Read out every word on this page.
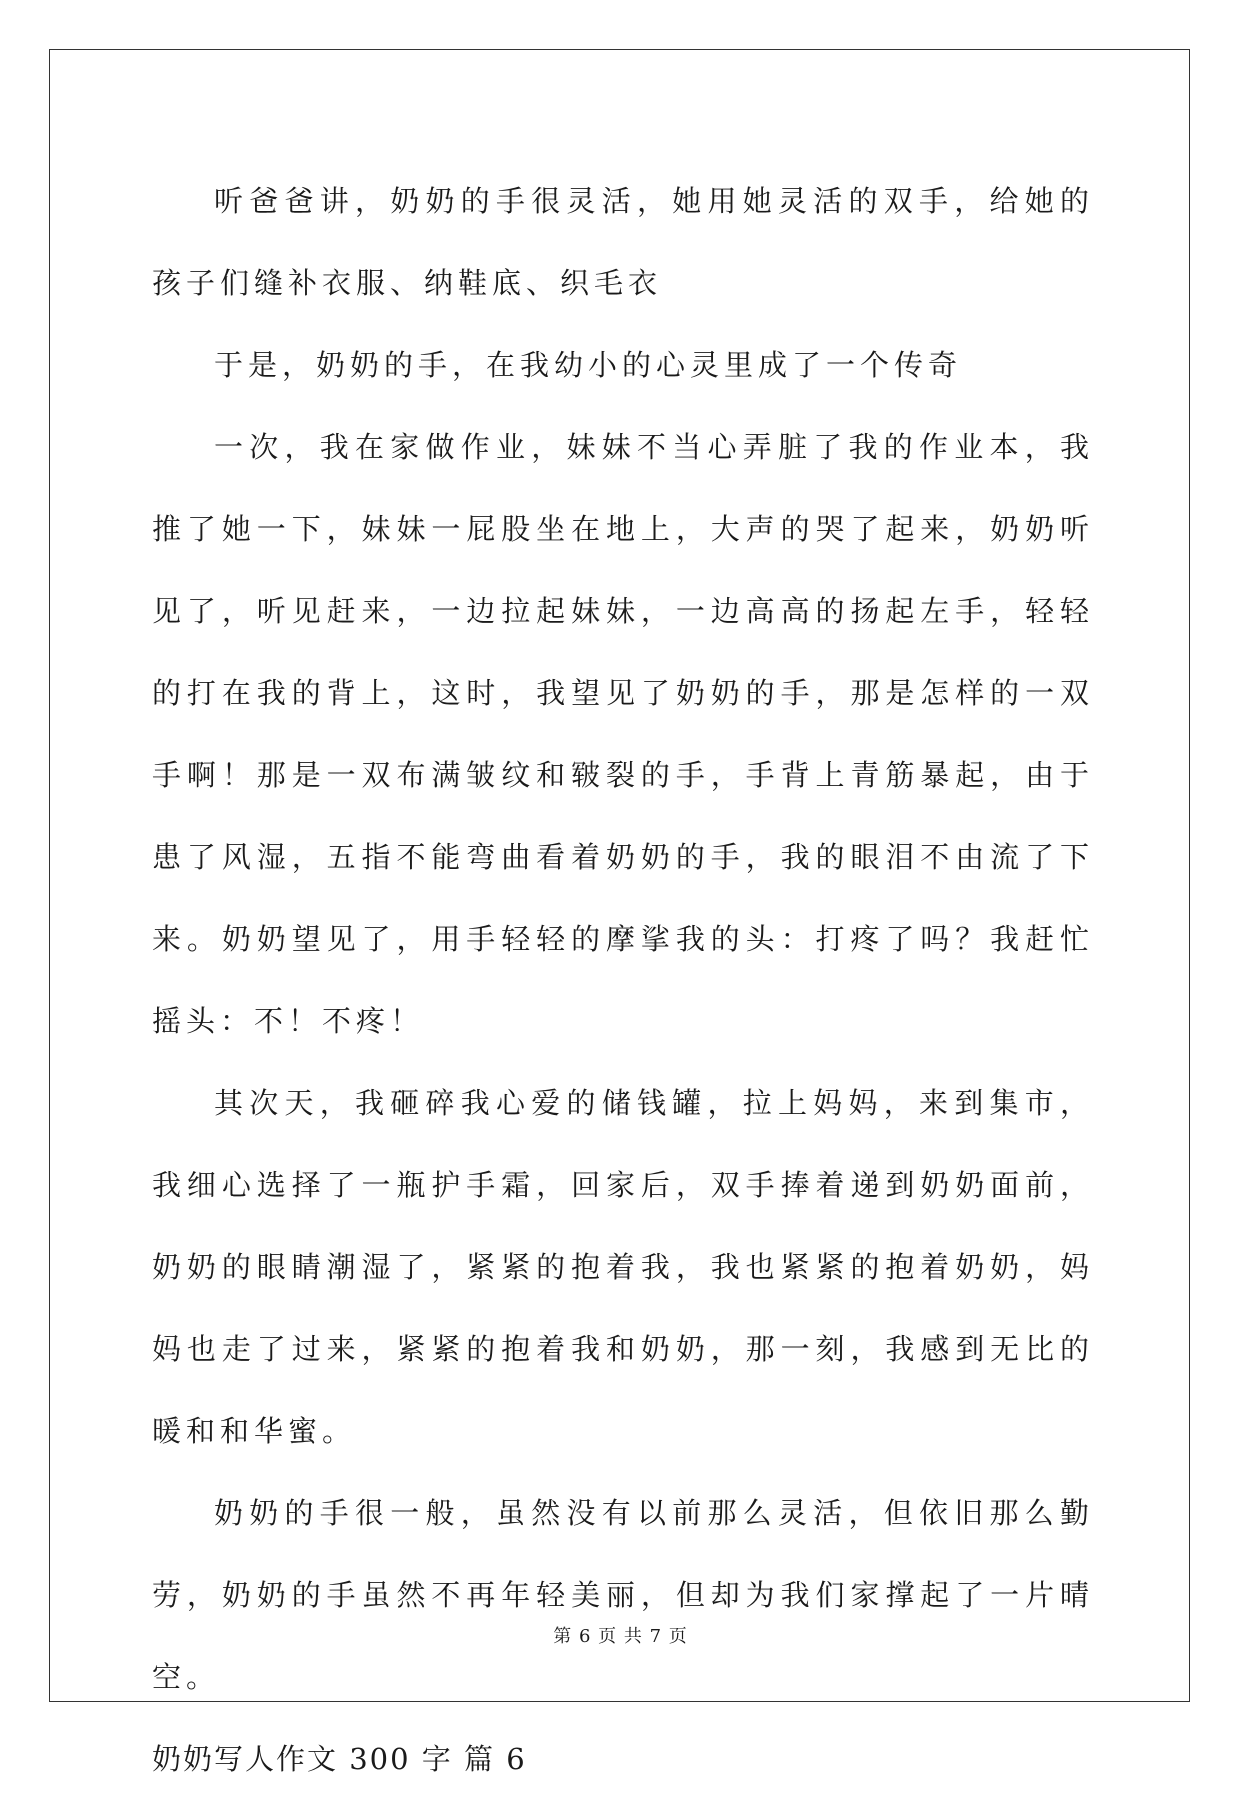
听爸爸讲，奶奶的手很灵活，她用她灵活的双手，给她的孩子们缝补衣服、纳鞋底、织毛衣

于是，奶奶的手，在我幼小的心灵里成了一个传奇

一次，我在家做作业，妹妹不当心弄脏了我的作业本，我推了她一下，妹妹一屁股坐在地上，大声的哭了起来，奶奶听见了，听见赶来，一边拉起妹妹，一边高高的扬起左手，轻轻的打在我的背上，这时，我望见了奶奶的手，那是怎样的一双手啊！那是一双布满皱纹和皲裂的手，手背上青筋暴起，由于患了风湿，五指不能弯曲看着奶奶的手，我的眼泪不由流了下来。奶奶望见了，用手轻轻的摩挲我的头：打疼了吗？我赶忙摇头：不！不疼！

其次天，我砸碎我心爱的储钱罐，拉上妈妈，来到集市，我细心选择了一瓶护手霜，回家后，双手捧着递到奶奶面前，奶奶的眼睛潮湿了，紧紧的抱着我，我也紧紧的抱着奶奶，妈妈也走了过来，紧紧的抱着我和奶奶，那一刻，我感到无比的暖和和华蜜。

奶奶的手很一般，虽然没有以前那么灵活，但依旧那么勤劳，奶奶的手虽然不再年轻美丽，但却为我们家撑起了一片晴空。

奶奶写人作文 300 字 篇 6

第 6 页 共 7 页
